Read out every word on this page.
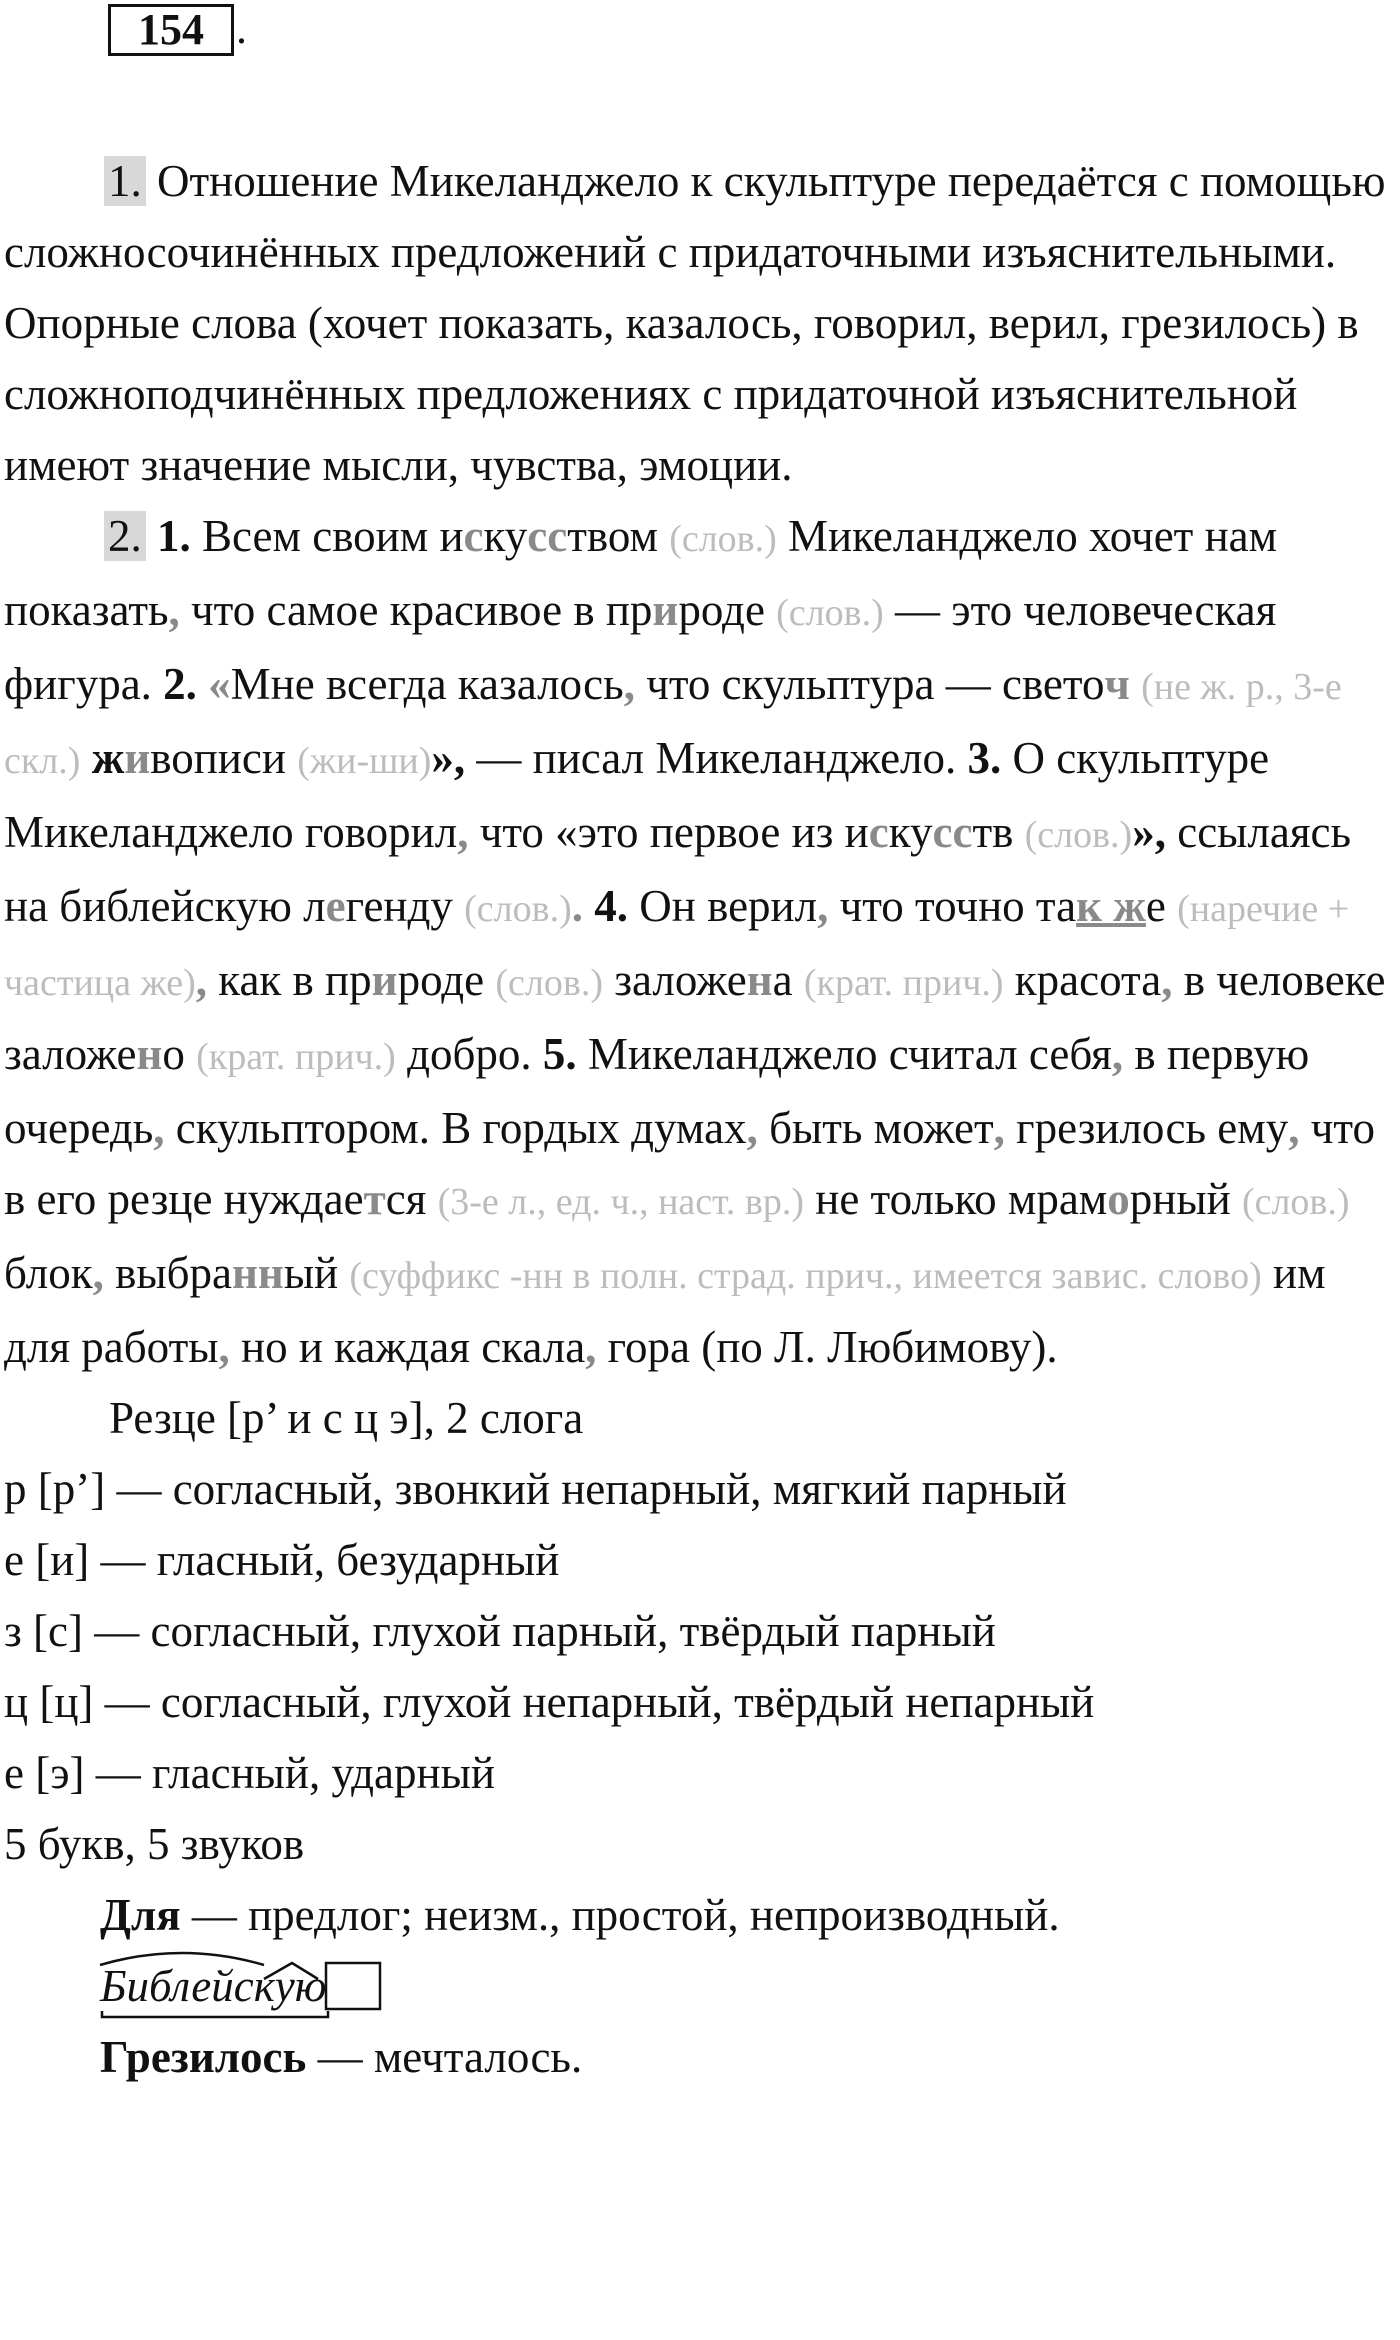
154 .

1. Отношение Микеланджело к скульптуре передаётся с помощью сложносочинённых предложений с придаточными изъяснительными. Опорные слова (хочет показать, казалось, говорил, верил, грезилось) в сложноподчинённых предложениях с придаточной изъяснительной имеют значение мысли, чувства, эмоции.

2. 1. Всем своим искусством (слов.) Микеланджело хочет нам показать, что самое красивое в природе (слов.) — это человеческая фигура. 2. «Мне всегда казалось, что скульптура — светоч (не ж. р., 3-е скл.) живописи (жи-ши)», — писал Микеланджело. 3. О скульптуре Микеланджело говорил, что «это первое из искусств (слов.)», ссылаясь на библейскую легенду (слов.). 4. Он верил, что точно так же (наречие + частица же), как в природе (слов.) заложена (крат. прич.) красота, в человеке заложено (крат. прич.) добро. 5. Микеланджело считал себя, в первую очередь, скульптором. В гордых думах, быть может, грезилось ему, что в его резце нуждается (3-е л., ед. ч., наст. вр.) не только мраморный (слов.) блок, выбранный (суффикс -нн в полн. страд. прич., имеется завис. слово) им для работы, но и каждая скала, гора (по Л. Любимову).

Резце [р’ и с ц э], 2 слога
р [р’] — согласный, звонкий непарный, мягкий парный
е [и] — гласный, безударный
з [с] — согласный, глухой парный, твёрдый парный
ц [ц] — согласный, глухой непарный, твёрдый непарный
е [э] — гласный, ударный
5 букв, 5 звуков

Для — предлог; неизм., простой, непроизводный.

Библейскую

Грезилось — мечталось.
